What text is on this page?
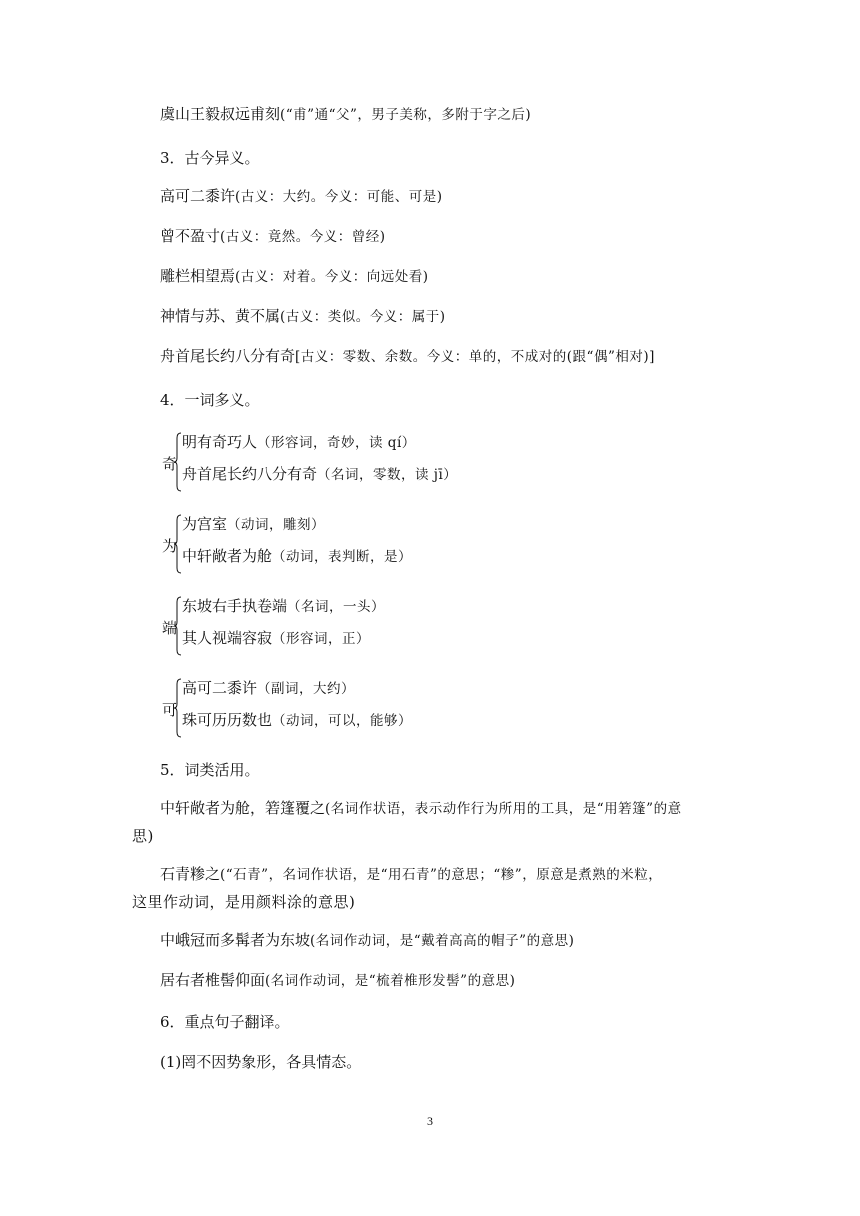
虞山王毅叔远甫刻(“甫”通“父”，男子美称，多附于字之后)
3．古今异义。
高可二黍许(古义：大约。今义：可能、可是)
曾不盈寸(古义：竟然。今义：曾经)
雕栏相望焉(古义：对着。今义：向远处看)
神情与苏、黄不属(古义：类似。今义：属于)
舟首尾长约八分有奇[古义：零数、余数。今义：单的，不成对的(跟“偶”相对)]
4．一词多义。
奇
明有奇巧人（形容词，奇妙，读 qí）
舟首尾长约八分有奇（名词，零数，读 jī）
为
为宫室（动词，雕刻）
中轩敞者为舱（动词，表判断，是）
端
东坡右手执卷端（名词，一头）
其人视端容寂（形容词，正）
可
高可二黍许（副词，大约）
珠可历历数也（动词，可以，能够）
5．词类活用。
中轩敞者为舱，箬篷覆之(名词作状语，表示动作行为所用的工具，是“用箬篷”的意
思)
石青糁之(“石青”，名词作状语，是“用石青”的意思；“糁”，原意是煮熟的米粒，
这里作动词，是用颜料涂的意思)
中峨冠而多髯者为东坡(名词作动词，是“戴着高高的帽子”的意思)
居右者椎髻仰面(名词作动词，是“梳着椎形发髻”的意思)
6．重点句子翻译。
(1)罔不因势象形，各具情态。
3
